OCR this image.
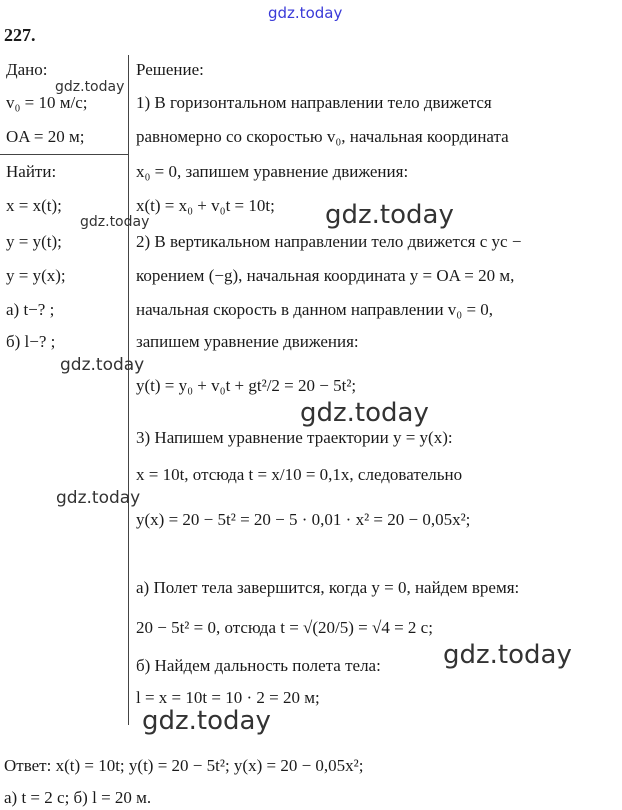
gdz.today
227.
Дано:
gdz.today
v₀ = 10 м/с;
OA = 20 м;
Найти:
x = x(t);
gdz.today
y = y(t);
y = y(x);
а) t−? ;
б) l−? ;
gdz.today
gdz.today
Решение:
1) В горизонтальном направлении тело движется
равномерно со скоростью v₀, начальная координата
x₀ = 0, запишем уравнение движения:
x(t) = x₀ + v₀t = 10t; gdz.today
2) В вертикальном направлении тело движется с ус −
корением (−g), начальная координата y = OA = 20 м,
начальная скорость в данном направлении v₀ = 0,
запишем уравнение движения:
y(t) = y₀ + v₀t + gt²/2 = 20 − 5t²;
gdz.today
3) Напишем уравнение траектории y = y(x):
x = 10t, отсюда t = x/10 = 0,1x, следовательно
y(x) = 20 − 5t² = 20 − 5 · 0,01 · x² = 20 − 0,05x²;
а) Полет тела завершится, когда y = 0, найдем время:
20 − 5t² = 0, отсюда t = √(20/5) = √4 = 2 с;
б) Найдем дальность полета тела: gdz.today
l = x = 10t = 10 · 2 = 20 м;
gdz.today
Ответ: x(t) = 10t; y(t) = 20 − 5t²; y(x) = 20 − 0,05x²;
а) t = 2 с; б) l = 20 м.
